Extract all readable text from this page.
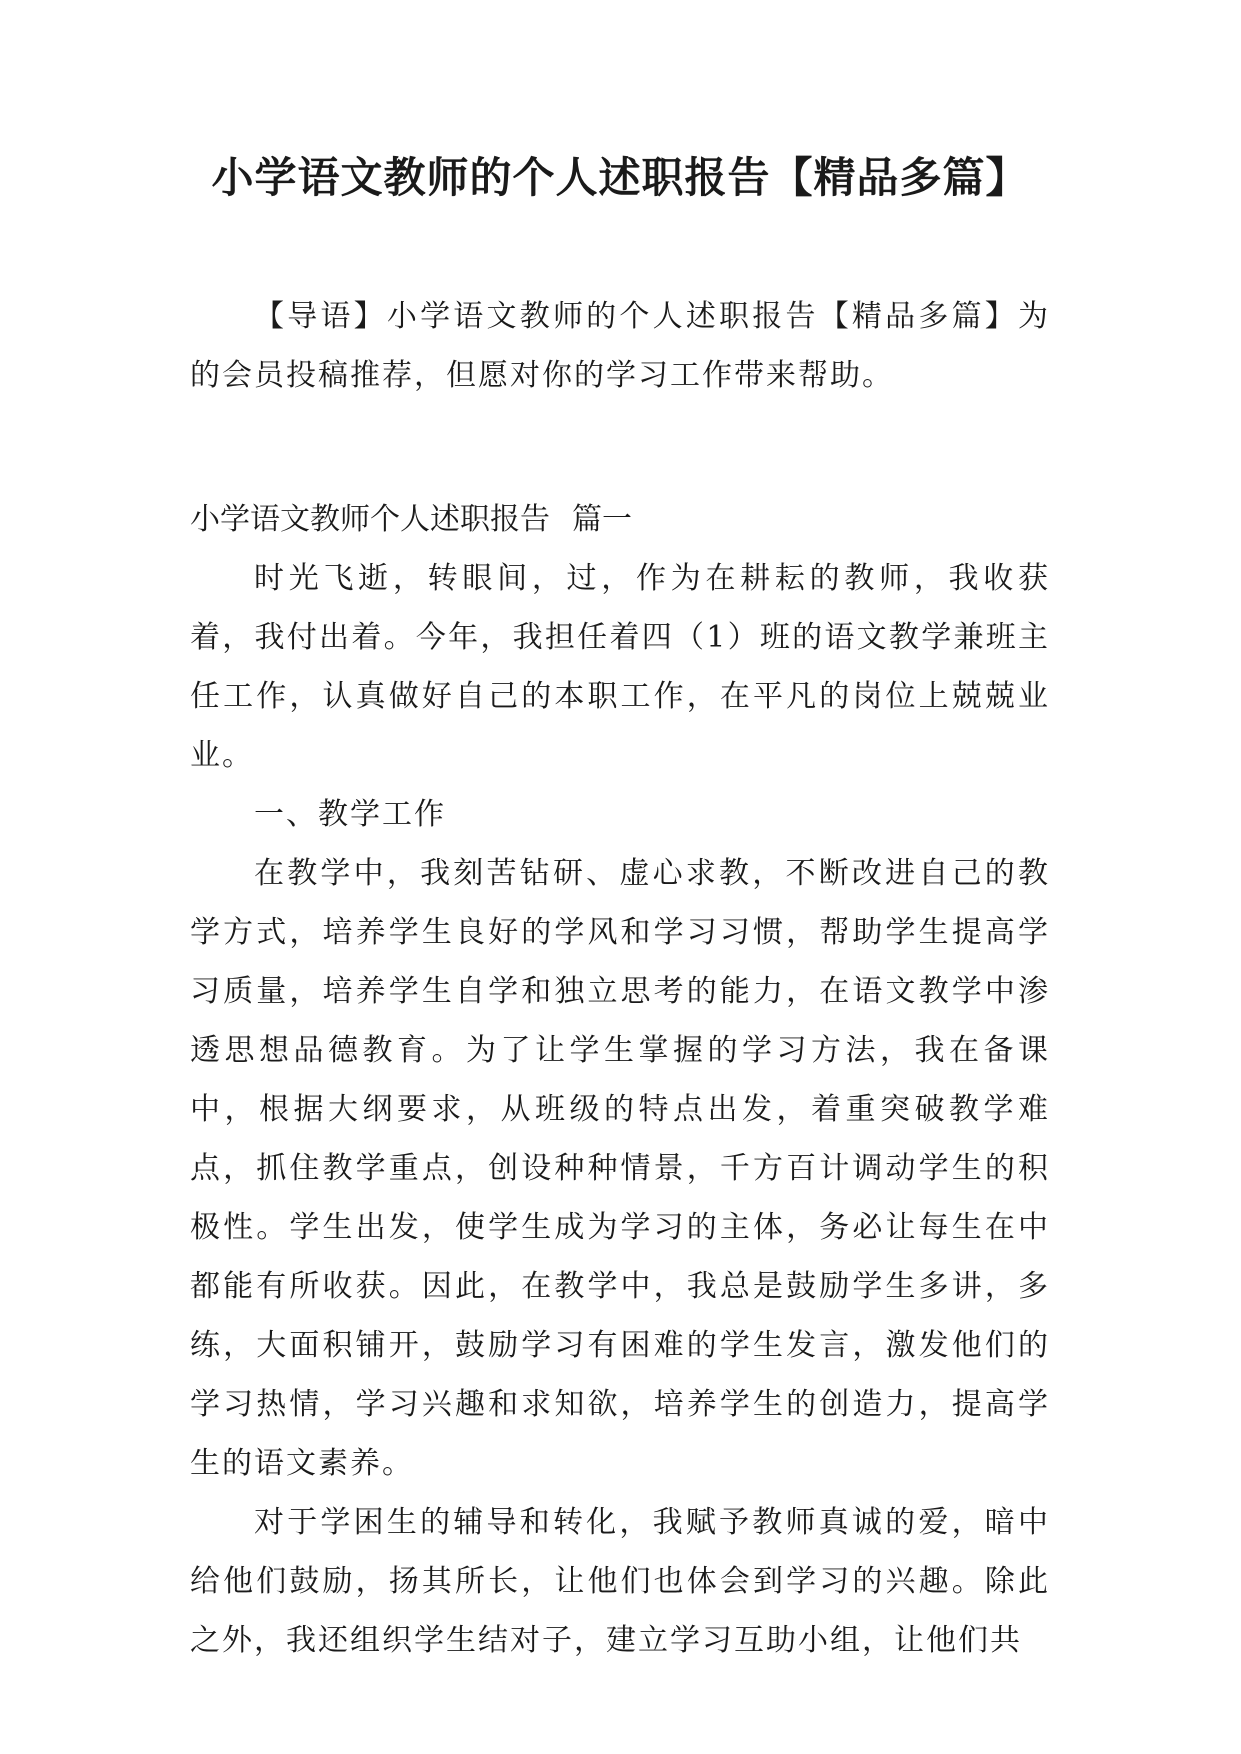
小学语文教师的个人述职报告【精品多篇】

【导语】小学语文教师的个人述职报告【精品多篇】为的会员投稿推荐，但愿对你的学习工作带来帮助。

小学语文教师个人述职报告 篇一

时光飞逝，转眼间，过，作为在耕耘的教师，我收获着，我付出着。今年，我担任着四（1）班的语文教学兼班主任工作，认真做好自己的本职工作，在平凡的岗位上兢兢业业。

一、教学工作

在教学中，我刻苦钻研、虚心求教，不断改进自己的教学方式，培养学生良好的学风和学习习惯，帮助学生提高学习质量，培养学生自学和独立思考的能力，在语文教学中渗透思想品德教育。为了让学生掌握的学习方法，我在备课中，根据大纲要求，从班级的特点出发，着重突破教学难点，抓住教学重点，创设种种情景，千方百计调动学生的积极性。学生出发，使学生成为学习的主体，务必让每生在中都能有所收获。因此，在教学中，我总是鼓励学生多讲，多练，大面积铺开，鼓励学习有困难的学生发言，激发他们的学习热情，学习兴趣和求知欲，培养学生的创造力，提高学生的语文素养。

对于学困生的辅导和转化，我赋予教师真诚的爱，暗中给他们鼓励，扬其所长，让他们也体会到学习的兴趣。除此之外，我还组织学生结对子，建立学习互助小组，让他们共
